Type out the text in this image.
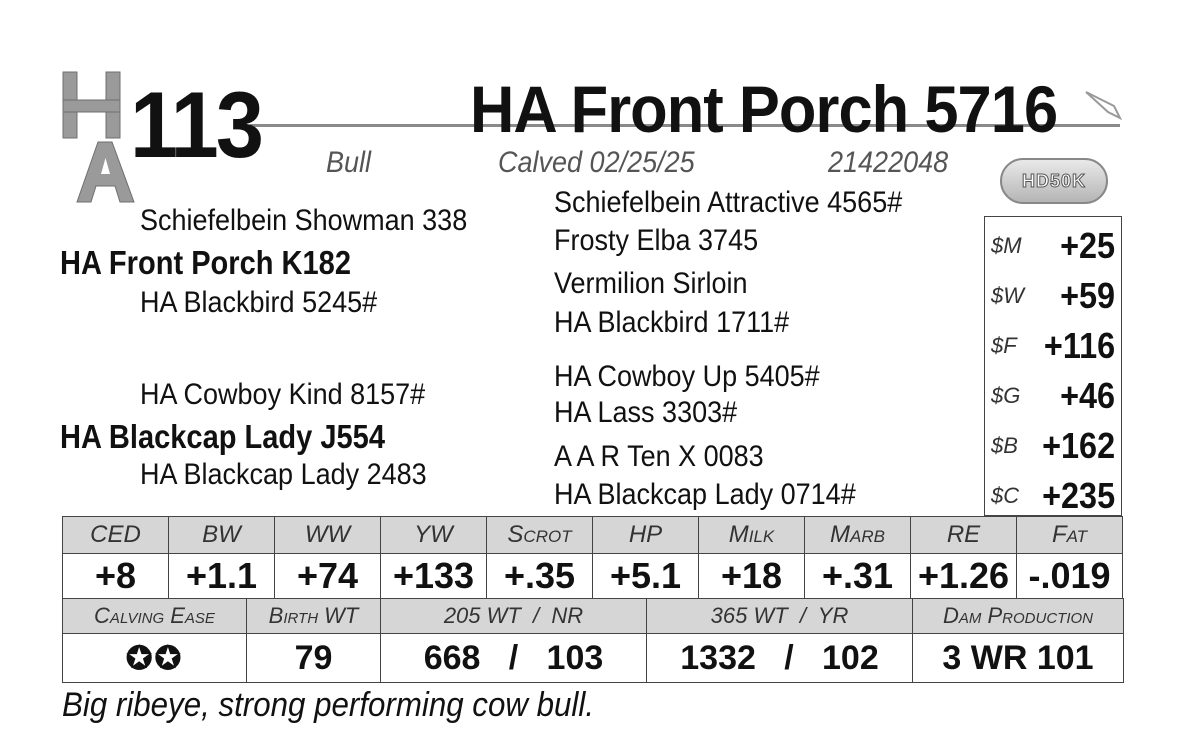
113	HA Front Porch 5716
Bull	Calved 02/25/25	21422048
HD50K
Schiefelbein Showman 338
HA Front Porch K182
HA Blackbird 5245#
HA Cowboy Kind 8157#
HA Blackcap Lady J554
HA Blackcap Lady 2483
Schiefelbein Attractive 4565#
Frosty Elba 3745
Vermilion Sirloin
HA Blackbird 1711#
HA Cowboy Up 5405#
HA Lass 3303#
A A R Ten X 0083
HA Blackcap Lady 0714#
$M +25
$W +59
$F +116
$G +46
$B +162
$C +235
CED	BW	WW	YW	Scrot	HP	Milk	Marb	RE	Fat
+8	+1.1	+74	+133	+.35	+5.1	+18	+.31	+1.26	-.019
Calving Ease	Birth WT	205 WT  /  NR	365 WT  /  YR	Dam Production
✪✪	79	668   /   103	1332   /   102	3 WR 101
Big ribeye, strong performing cow bull.
